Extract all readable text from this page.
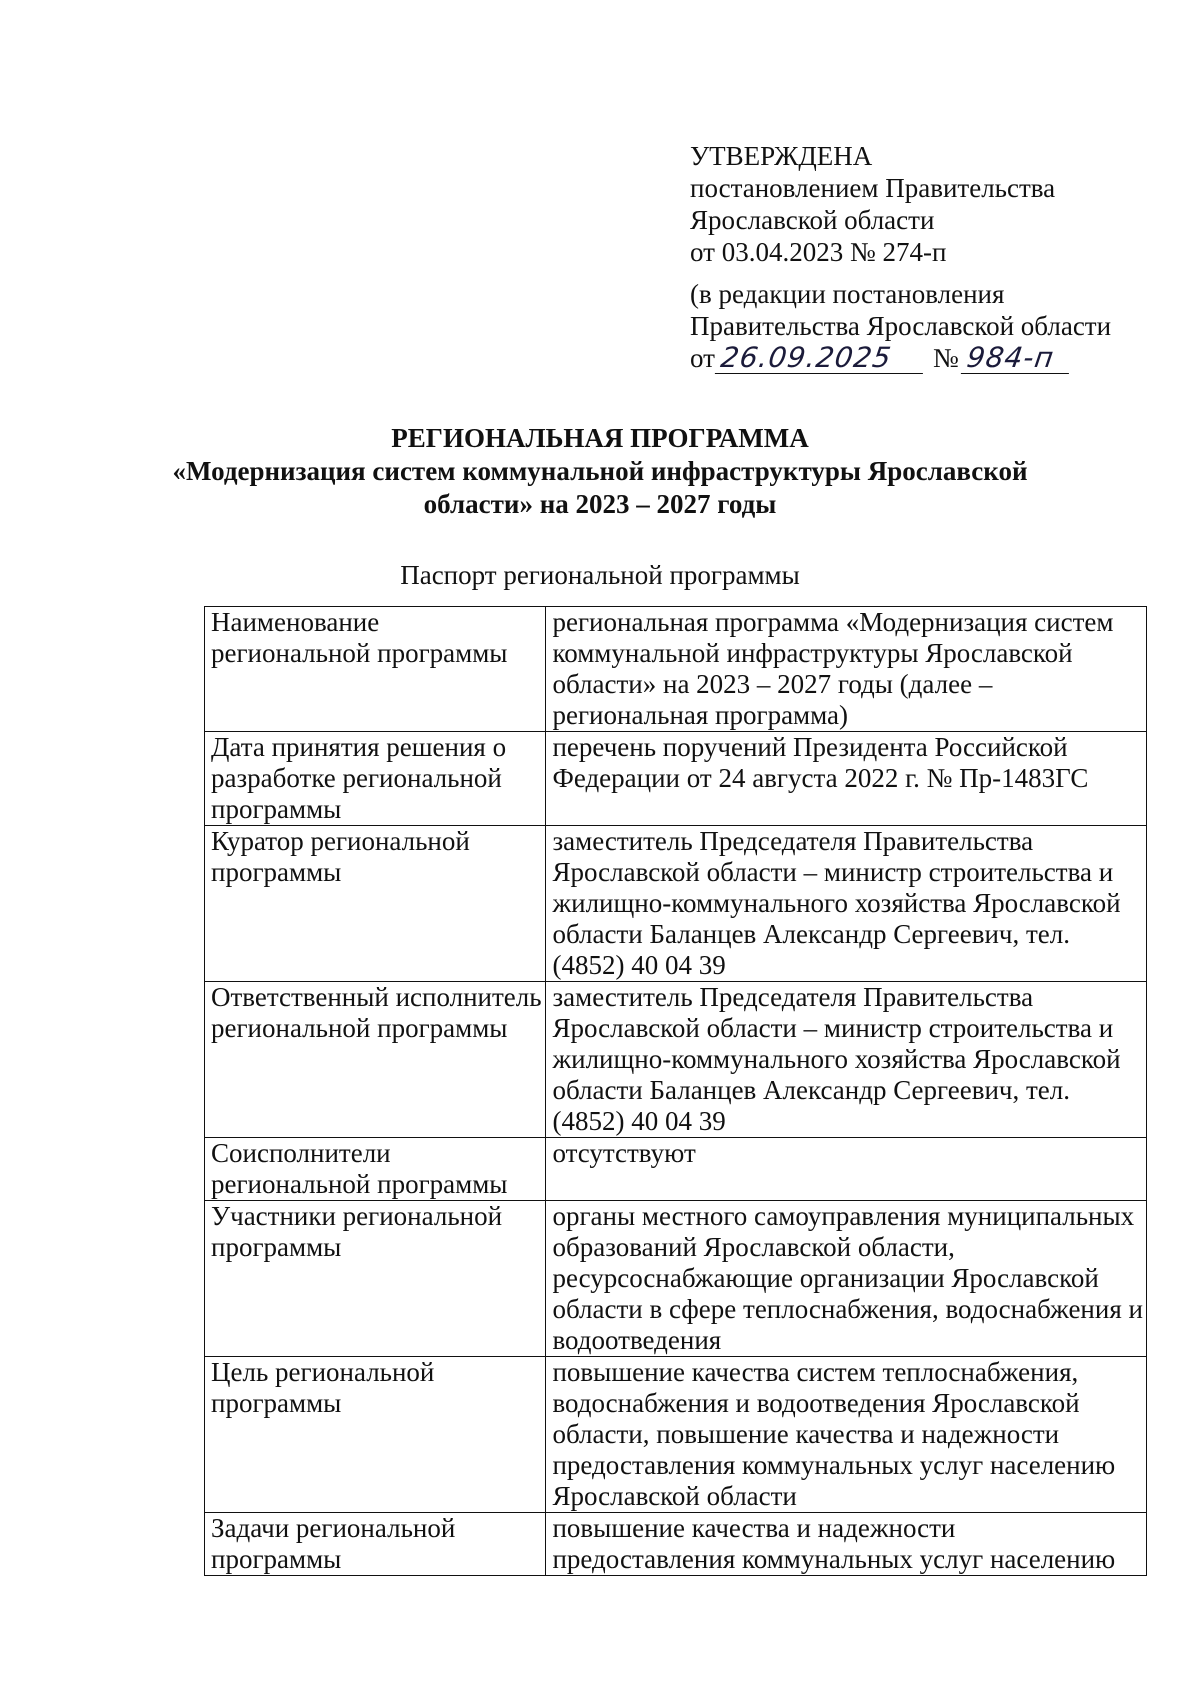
УТВЕРЖДЕНА
постановлением Правительства
Ярославской области
от 03.04.2023 № 274-п
(в редакции постановления
Правительства Ярославской области
от 26.09.2025 № 984-п
РЕГИОНАЛЬНАЯ ПРОГРАММА
«Модернизация систем коммунальной инфраструктуры Ярославской области» на 2023 – 2027 годы
Паспорт региональной программы
Наименование региональной программы	региональная программа «Модернизация систем коммунальной инфраструктуры Ярославской области» на 2023 – 2027 годы (далее – региональная программа)
Дата принятия решения о разработке региональной программы	перечень поручений Президента Российской Федерации от 24 августа 2022 г. № Пр-1483ГС
Куратор региональной программы	заместитель Председателя Правительства Ярославской области – министр строительства и жилищно-коммунального хозяйства Ярославской области Баланцев Александр Сергеевич, тел. (4852) 40 04 39
Ответственный исполнитель региональной программы	заместитель Председателя Правительства Ярославской области – министр строительства и жилищно-коммунального хозяйства Ярославской области Баланцев Александр Сергеевич, тел. (4852) 40 04 39
Соисполнители региональной программы	отсутствуют
Участники региональной программы	органы местного самоуправления муниципальных образований Ярославской области, ресурсоснабжающие организации Ярославской области в сфере теплоснабжения, водоснабжения и водоотведения
Цель региональной программы	повышение качества систем теплоснабжения, водоснабжения и водоотведения Ярославской области, повышение качества и надежности предоставления коммунальных услуг населению Ярославской области
Задачи региональной программы	повышение качества и надежности предоставления коммунальных услуг населению
